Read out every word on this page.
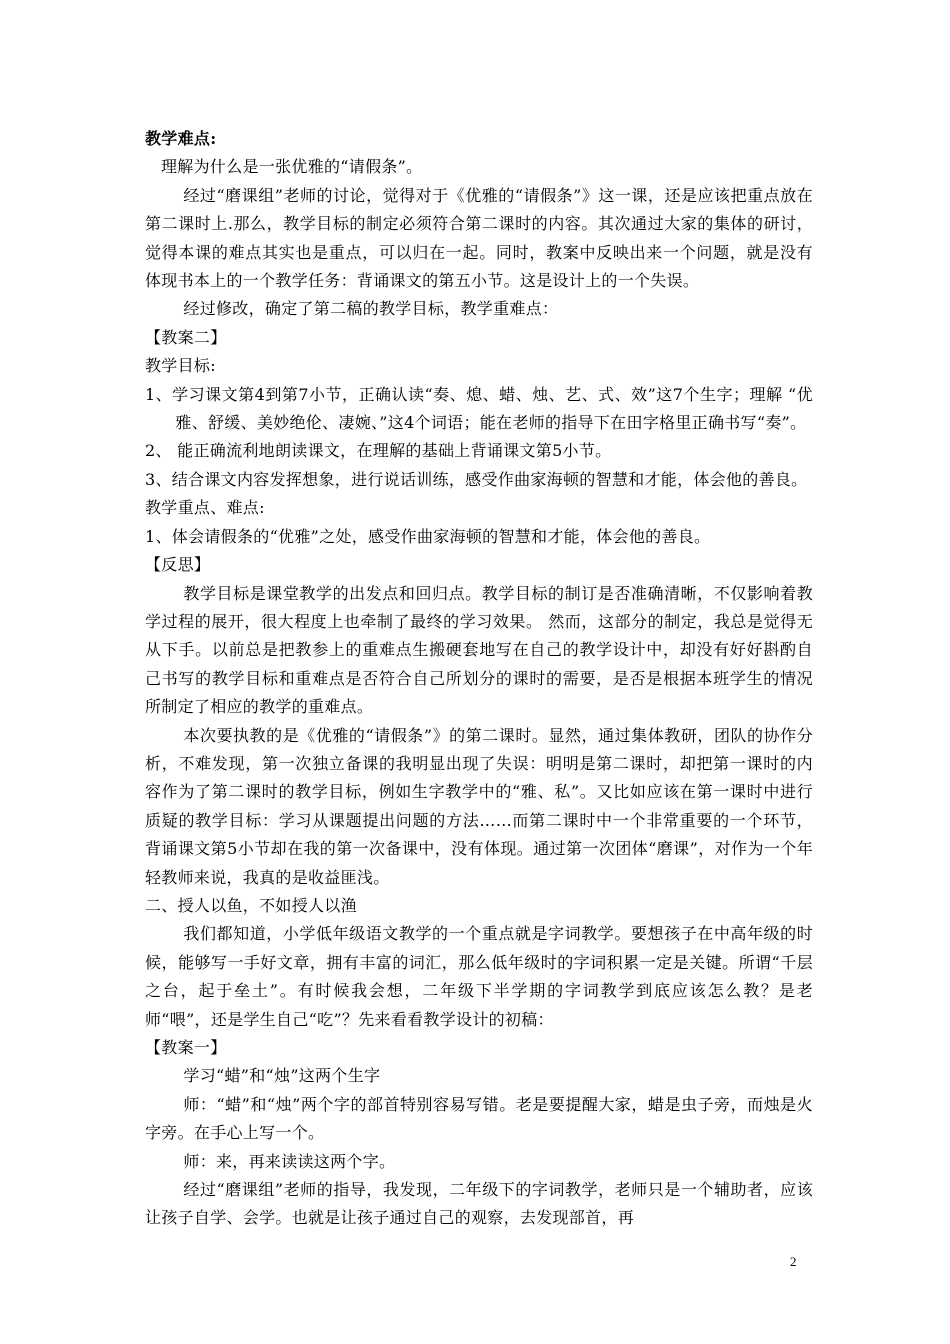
教学难点:

理解为什么是一张优雅的“请假条”。

经过“磨课组”老师的讨论，觉得对于《优雅的“请假条”》这一课，还是应该把重点放在第二课时上.那么，教学目标的制定必须符合第二课时的内容。其次通过大家的集体的研讨，觉得本课的难点其实也是重点，可以归在一起。同时，教案中反映出来一个问题，就是没有体现书本上的一个教学任务：背诵课文的第五小节。这是设计上的一个失误。

经过修改，确定了第二稿的教学目标，教学重难点：

【教案二】

教学目标:

1、学习课文第4到第7小节，正确认读“奏、熄、蜡、烛、艺、式、效”这7个生字；理解 “优雅、舒缓、美妙绝伦、凄婉、”这4个词语；能在老师的指导下在田字格里正确书写“奏”。

2、 能正确流利地朗读课文，在理解的基础上背诵课文第5小节。

3、结合课文内容发挥想象，进行说话训练，感受作曲家海顿的智慧和才能，体会他的善良。

教学重点、难点:

1、体会请假条的“优雅”之处，感受作曲家海顿的智慧和才能，体会他的善良。

【反思】

教学目标是课堂教学的出发点和回归点。教学目标的制订是否准确清晰，不仅影响着教学过程的展开，很大程度上也牵制了最终的学习效果。 然而，这部分的制定，我总是觉得无从下手。以前总是把教参上的重难点生搬硬套地写在自己的教学设计中，却没有好好斟酌自己书写的教学目标和重难点是否符合自己所划分的课时的需要，是否是根据本班学生的情况所制定了相应的教学的重难点。

本次要执教的是《优雅的“请假条”》的第二课时。显然，通过集体教研，团队的协作分析，不难发现，第一次独立备课的我明显出现了失误：明明是第二课时，却把第一课时的内容作为了第二课时的教学目标，例如生字教学中的“雅、私”。又比如应该在第一课时中进行质疑的教学目标：学习从课题提出问题的方法……而第二课时中一个非常重要的一个环节，背诵课文第5小节却在我的第一次备课中，没有体现。通过第一次团体“磨课”，对作为一个年轻教师来说，我真的是收益匪浅。

二、授人以鱼，不如授人以渔

我们都知道，小学低年级语文教学的一个重点就是字词教学。要想孩子在中高年级的时候，能够写一手好文章，拥有丰富的词汇，那么低年级时的字词积累一定是关键。所谓“千层之台，起于垒土”。有时候我会想，二年级下半学期的字词教学到底应该怎么教？是老师“喂”，还是学生自己“吃”？先来看看教学设计的初稿：

【教案一】

学习“蜡”和“烛”这两个生字

师：“蜡”和“烛”两个字的部首特别容易写错。老是要提醒大家，蜡是虫子旁，而烛是火字旁。在手心上写一个。

师：来，再来读读这两个字。

经过“磨课组”老师的指导，我发现，二年级下的字词教学，老师只是一个辅助者，应该让孩子自学、会学。也就是让孩子通过自己的观察，去发现部首，再

2
